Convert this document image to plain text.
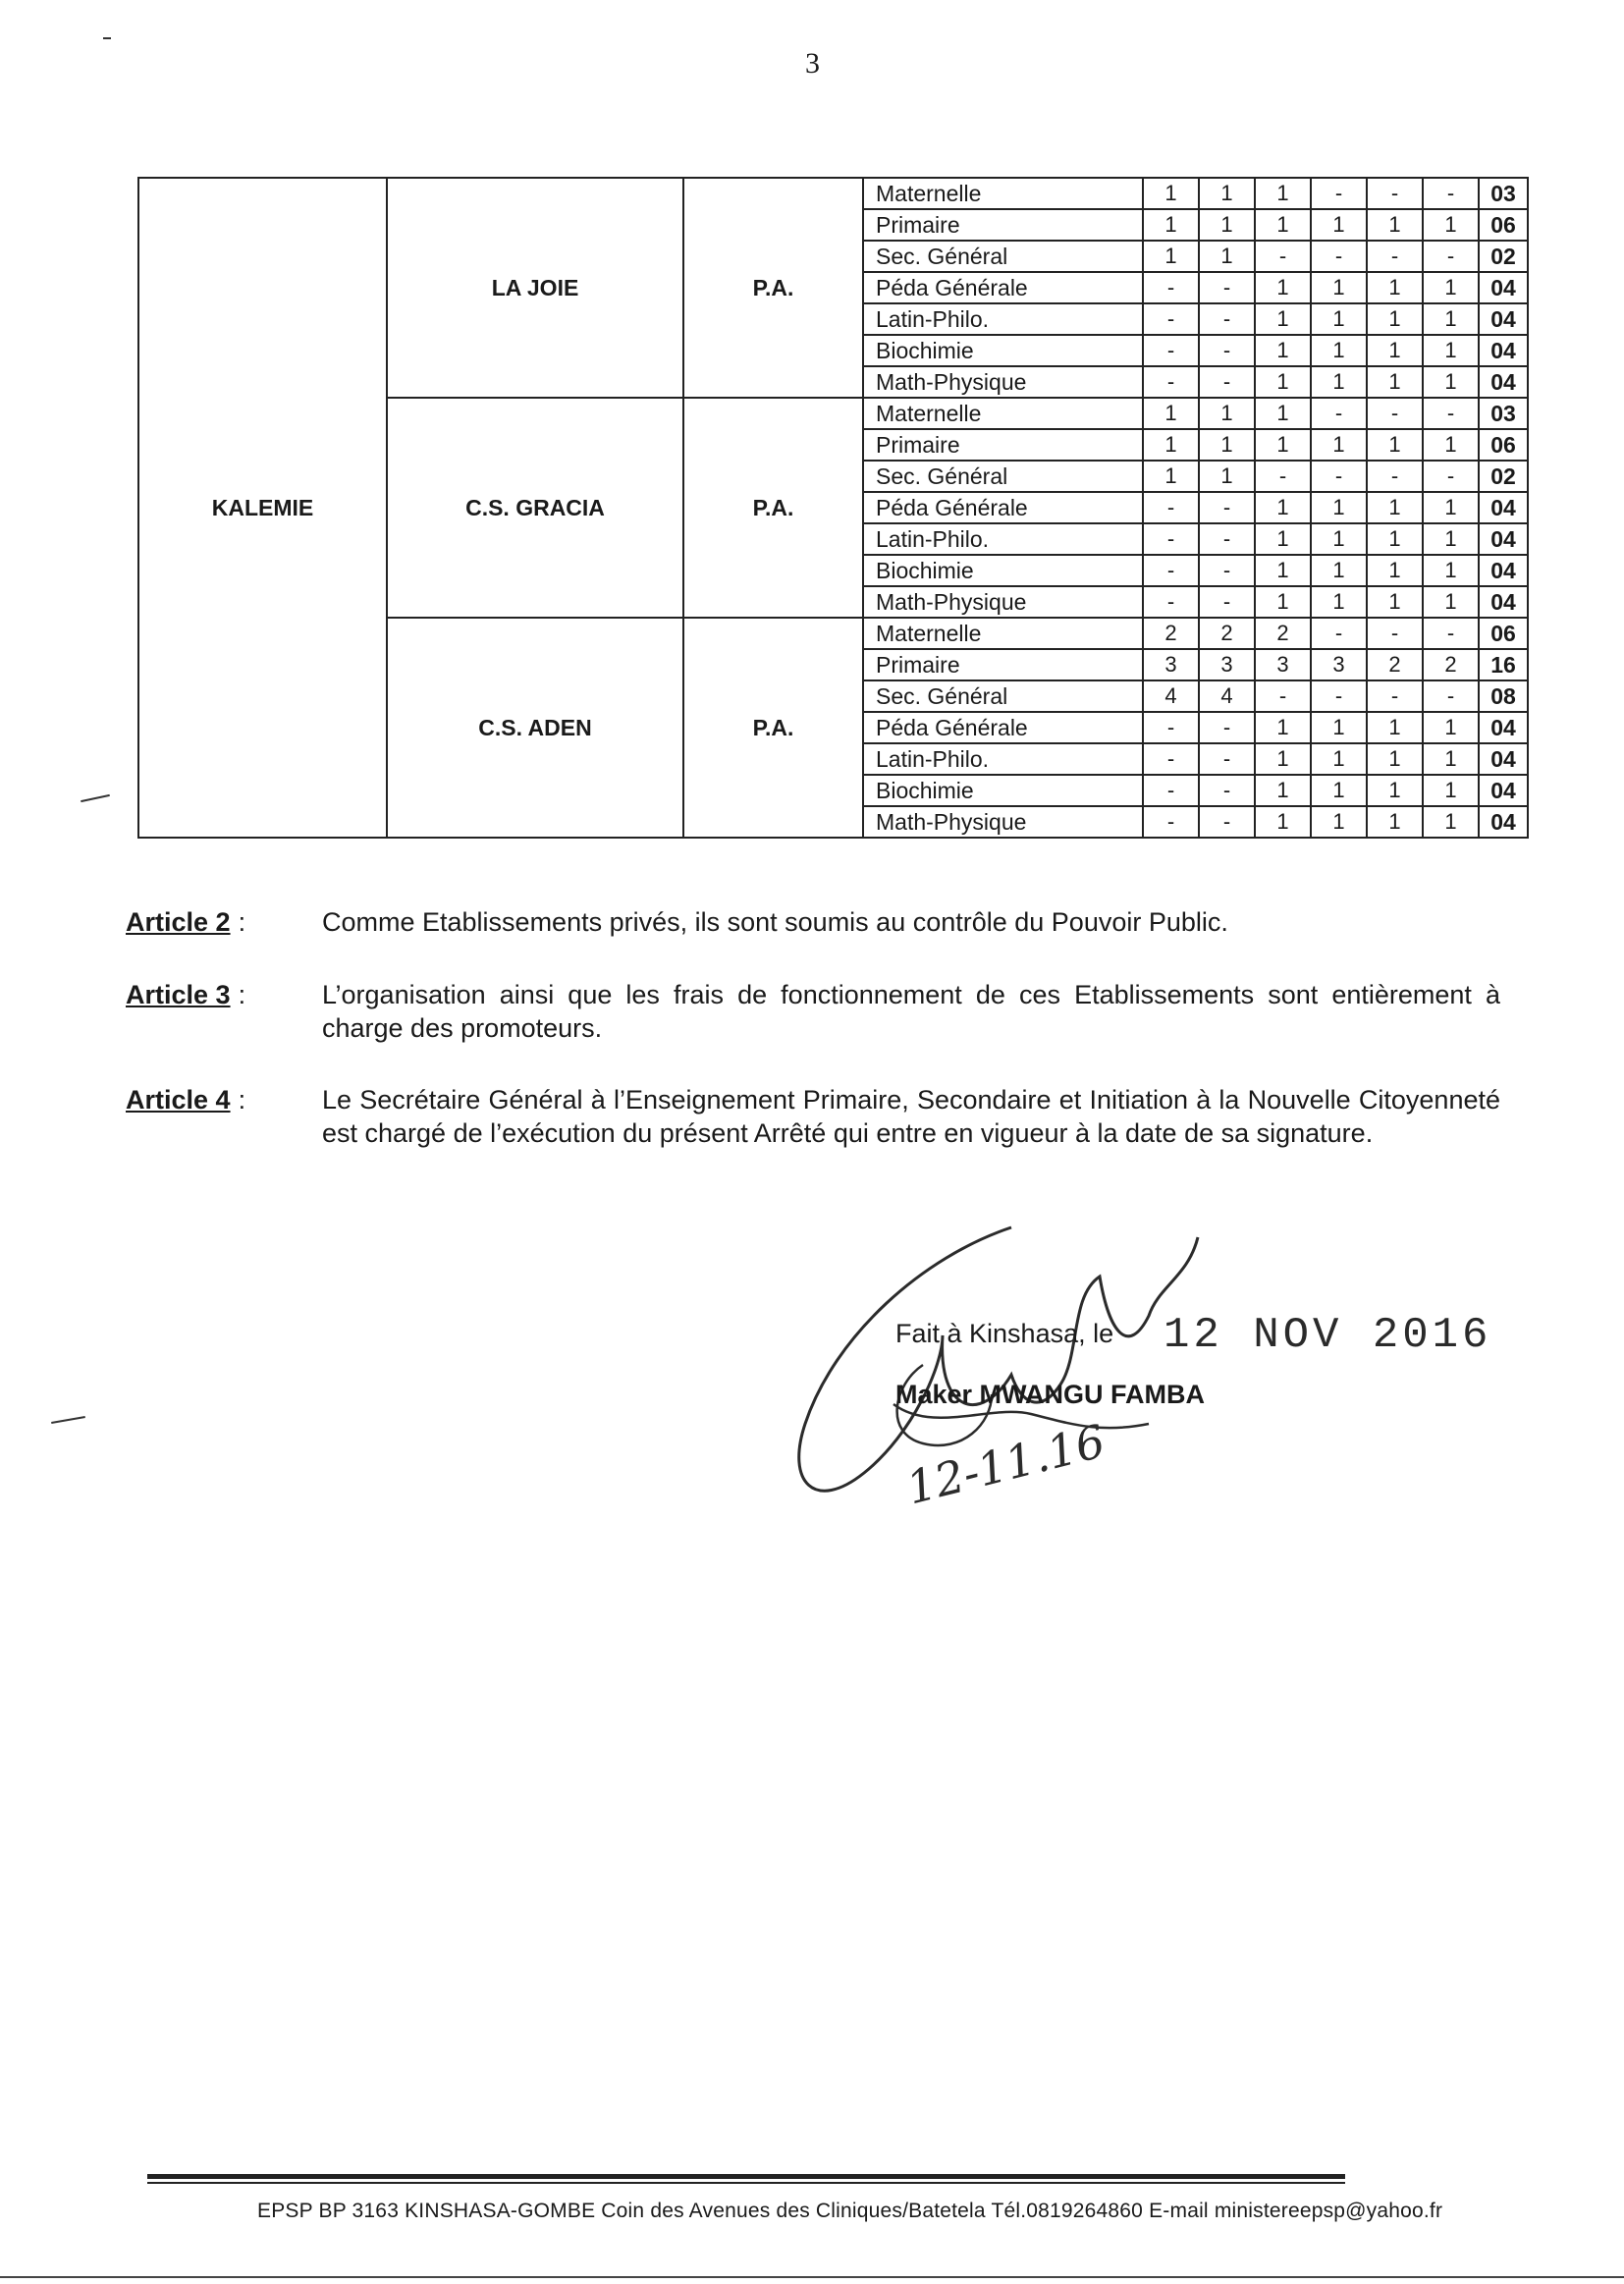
3
KALEMIE	LA JOIE	P.A.	Maternelle	1	1	1	-	-	-	03
			Primaire	1	1	1	1	1	1	06
			Sec. Général	1	1	-	-	-	-	02
			Péda Générale	-	-	1	1	1	1	04
			Latin-Philo.	-	-	1	1	1	1	04
			Biochimie	-	-	1	1	1	1	04
			Math-Physique	-	-	1	1	1	1	04
	C.S. GRACIA	P.A.	Maternelle	1	1	1	-	-	-	03
			Primaire	1	1	1	1	1	1	06
			Sec. Général	1	1	-	-	-	-	02
			Péda Générale	-	-	1	1	1	1	04
			Latin-Philo.	-	-	1	1	1	1	04
			Biochimie	-	-	1	1	1	1	04
			Math-Physique	-	-	1	1	1	1	04
	C.S. ADEN	P.A.	Maternelle	2	2	2	-	-	-	06
			Primaire	3	3	3	3	2	2	16
			Sec. Général	4	4	-	-	-	-	08
			Péda Générale	-	-	1	1	1	1	04
			Latin-Philo.	-	-	1	1	1	1	04
			Biochimie	-	-	1	1	1	1	04
			Math-Physique	-	-	1	1	1	1	04
Article 2 :	Comme Etablissements privés, ils sont soumis au contrôle du Pouvoir Public.
Article 3 :	L’organisation ainsi que les frais de fonctionnement de ces Etablissements sont entièrement à charge des promoteurs.
Article 4 :	Le Secrétaire Général à l’Enseignement Primaire, Secondaire et Initiation à la Nouvelle Citoyenneté est chargé de l’exécution du présent Arrêté qui entre en vigueur à la date de sa signature.
Fait à Kinshasa, le 12 NOV 2016
Maker MWANGU FAMBA
12-11.16
EPSP BP 3163 KINSHASA-GOMBE Coin des Avenues des Cliniques/Batetela Tél.0819264860 E-mail ministereepsp@yahoo.fr
